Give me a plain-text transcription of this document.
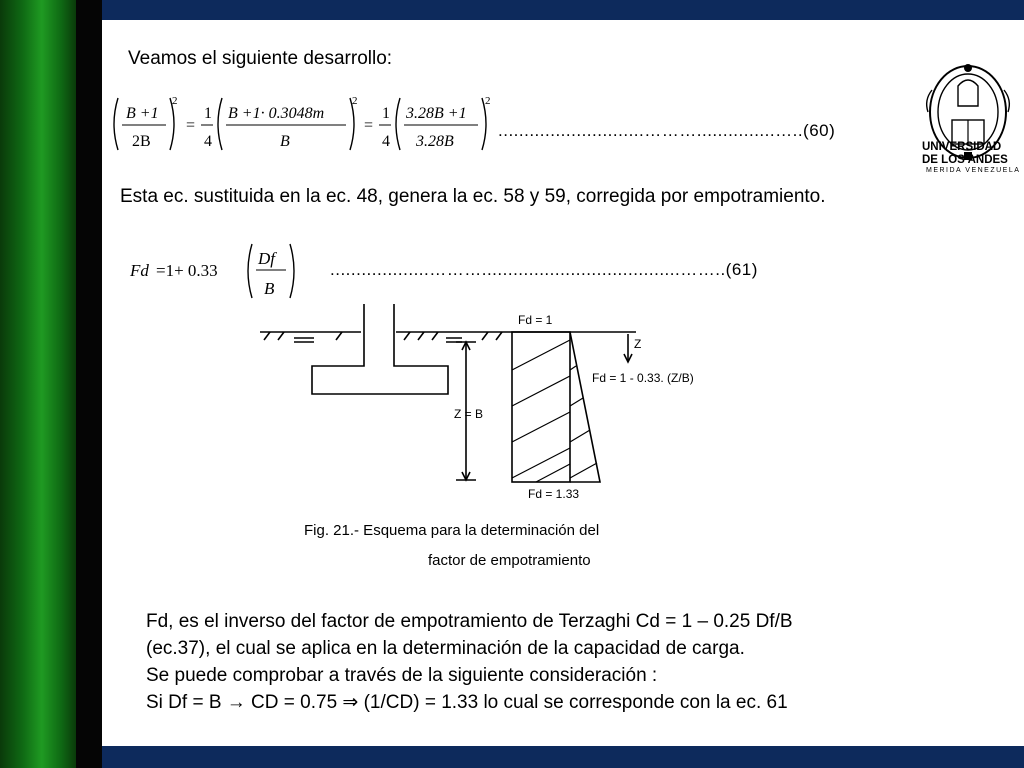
Veamos el siguiente desarrollo:
B +1
2B
2
=
1
4
B +1· 0.3048m
B
2
=
1
4
3.28B +1
3.28B
2
............................………...............…..(60)
Esta ec. sustituida en la ec. 48, genera la ec. 58 y 59, corregida por empotramiento.
Fd =1+ 0.33
Df
B
...................………......................................……..(61)
Fd = 1
Z
Fd = 1 - 0.33. (Z/B)
Z = B
Fd = 1.33
Fig. 21.- Esquema para la determinación del
factor de empotramiento
Fd, es el inverso del factor de empotramiento de Terzaghi Cd = 1 – 0.25 Df/B
(ec.37), el cual se aplica en la determinación de la capacidad de carga.
Se puede comprobar a través de la siguiente consideración :
Si Df = B → CD = 0.75 ⇒ (1/CD) = 1.33 lo cual se corresponde con la ec. 61
UNIVERSIDAD
DE LOS ANDES
MERIDA VENEZUELA
